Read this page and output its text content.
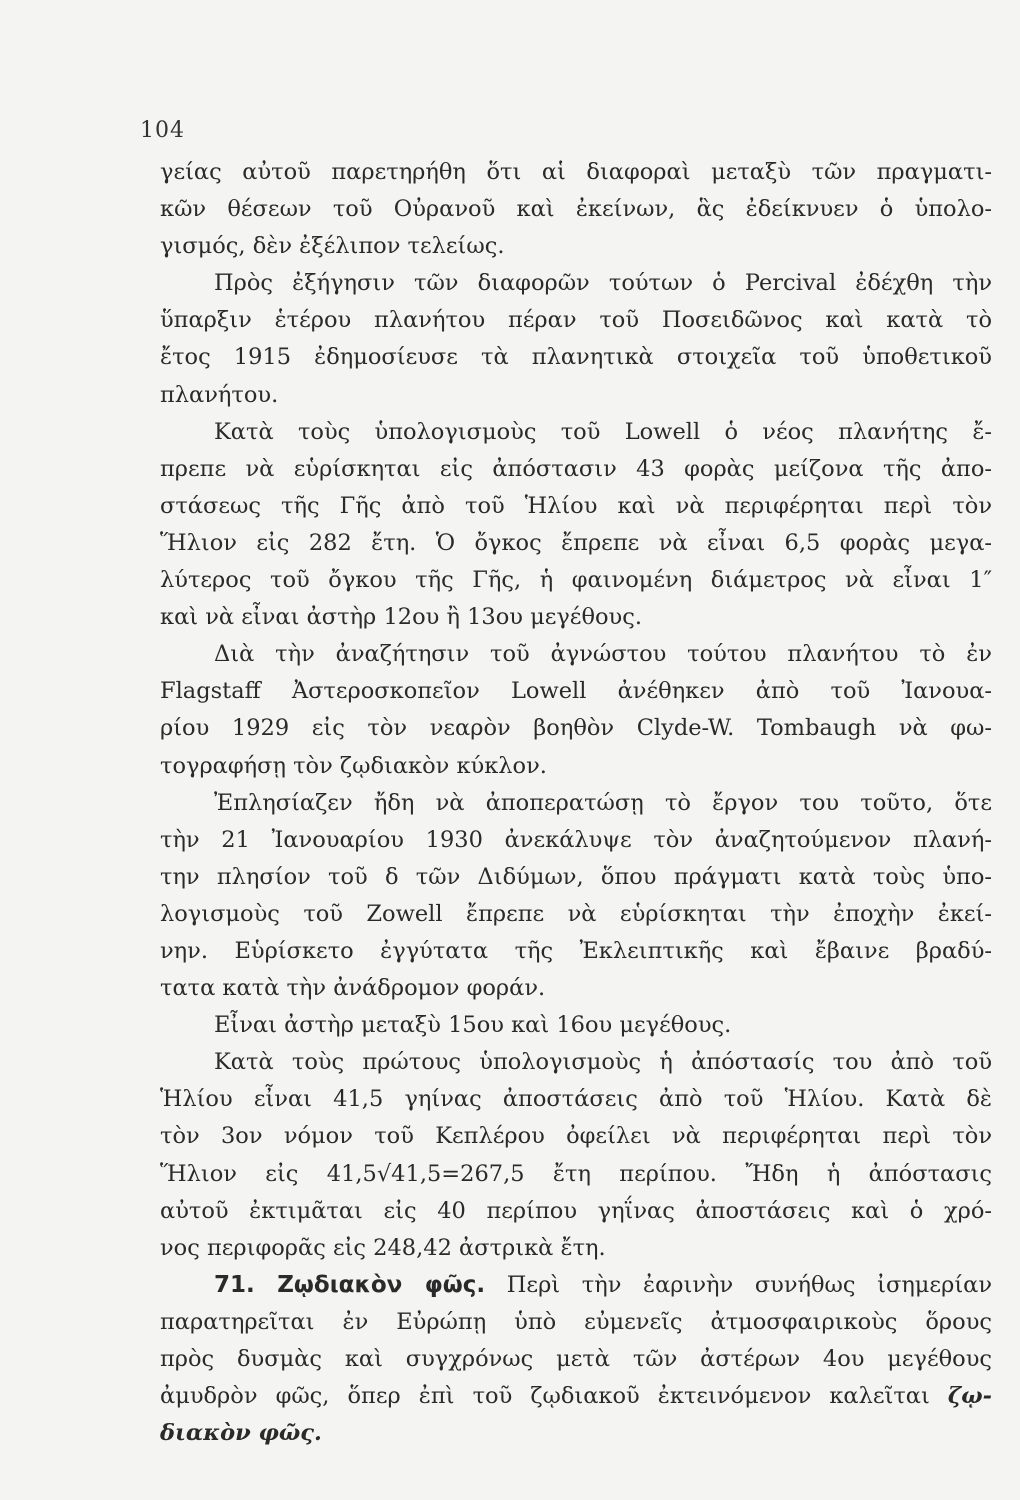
104
γείας αὐτοῦ παρετηρήθη ὅτι αἱ διαφοραὶ μεταξὺ τῶν πραγματι-
κῶν θέσεων τοῦ Οὐρανοῦ καὶ ἐκείνων, ἃς ἐδείκνυεν ὁ ὑπολο-
γισμός, δὲν ἐξέλιπον τελείως.
Πρὸς ἐξήγησιν τῶν διαφορῶν τούτων ὁ Percival ἐδέχθη τὴν
ὕπαρξιν ἑτέρου πλανήτου πέραν τοῦ Ποσειδῶνος καὶ κατὰ τὸ
ἔτος 1915 ἐδημοσίευσε τὰ πλανητικὰ στοιχεῖα τοῦ ὑποθετικοῦ
πλανήτου.
Κατὰ τοὺς ὑπολογισμοὺς τοῦ Lowell ὁ νέος πλανήτης ἔ-
πρεπε νὰ εὑρίσκηται εἰς ἀπόστασιν 43 φορὰς μείζονα τῆς ἀπο-
στάσεως τῆς Γῆς ἀπὸ τοῦ Ἡλίου καὶ νὰ περιφέρηται περὶ τὸν
Ἥλιον εἰς 282 ἔτη. Ὁ ὄγκος ἔπρεπε νὰ εἶναι 6,5 φορὰς μεγα-
λύτερος τοῦ ὄγκου τῆς Γῆς, ἡ φαινομένη διάμετρος νὰ εἶναι 1″
καὶ νὰ εἶναι ἀστὴρ 12ου ἢ 13ου μεγέθους.
Διὰ τὴν ἀναζήτησιν τοῦ ἀγνώστου τούτου πλανήτου τὸ ἐν
Flagstaff Ἀστεροσκοπεῖον Lowell ἀνέθηκεν ἀπὸ τοῦ Ἰανουα-
ρίου 1929 εἰς τὸν νεαρὸν βοηθὸν Clyde-W. Tombaugh νὰ φω-
τογραφήσῃ τὸν ζῳδιακὸν κύκλον.
Ἐπλησίαζεν ἤδη νὰ ἀποπερατώσῃ τὸ ἔργον του τοῦτο, ὅτε
τὴν 21 Ἰανουαρίου 1930 ἀνεκάλυψε τὸν ἀναζητούμενον πλανή-
την πλησίον τοῦ δ τῶν Διδύμων, ὅπου πράγματι κατὰ τοὺς ὑπο-
λογισμοὺς τοῦ Zowell ἔπρεπε νὰ εὑρίσκηται τὴν ἐποχὴν ἐκεί-
νην. Εὑρίσκετο ἐγγύτατα τῆς Ἐκλειπτικῆς καὶ ἔβαινε βραδύ-
τατα κατὰ τὴν ἀνάδρομον φοράν.
Εἶναι ἀστὴρ μεταξὺ 15ου καὶ 16ου μεγέθους.
Κατὰ τοὺς πρώτους ὑπολογισμοὺς ἡ ἀπόστασίς του ἀπὸ τοῦ
Ἡλίου εἶναι 41,5 γηίνας ἀποστάσεις ἀπὸ τοῦ Ἡλίου. Κατὰ δὲ
τὸν 3ον νόμον τοῦ Κεπλέρου ὀφείλει νὰ περιφέρηται περὶ τὸν
Ἥλιον εἰς 41,5√41,5=267,5 ἔτη περίπου. Ἤδη ἡ ἀπόστασις
αὐτοῦ ἐκτιμᾶται εἰς 40 περίπου γηΐνας ἀποστάσεις καὶ ὁ χρό-
νος περιφορᾶς εἰς 248,42 ἀστρικὰ ἔτη.
71. Ζῳδιακὸν φῶς. Περὶ τὴν ἐαρινὴν συνήθως ἰσημερίαν
παρατηρεῖται ἐν Εὐρώπῃ ὑπὸ εὐμενεῖς ἀτμοσφαιρικοὺς ὅρους
πρὸς δυσμὰς καὶ συγχρόνως μετὰ τῶν ἀστέρων 4ου μεγέθους
ἀμυδρὸν φῶς, ὅπερ ἐπὶ τοῦ ζῳδιακοῦ ἐκτεινόμενον καλεῖται ζῳ-
διακὸν φῶς.
